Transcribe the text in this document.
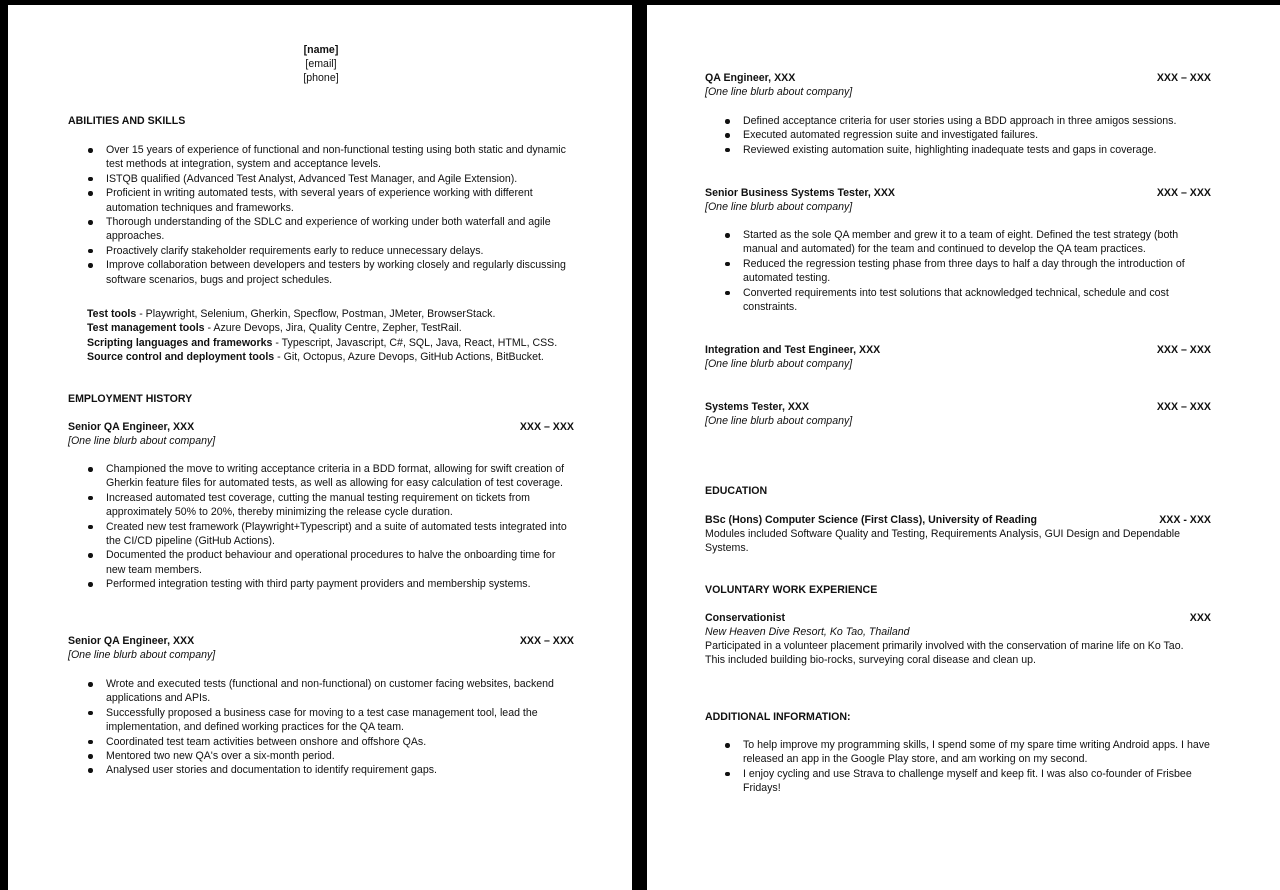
[name]
[email]
[phone]
ABILITIES AND SKILLS
Over 15 years of experience of functional and non-functional testing using both static and dynamic test methods at integration, system and acceptance levels.
ISTQB qualified (Advanced Test Analyst, Advanced Test Manager, and Agile Extension).
Proficient in writing automated tests, with several years of experience working with different automation techniques and frameworks.
Thorough understanding of the SDLC and experience of working under both waterfall and agile approaches.
Proactively clarify stakeholder requirements early to reduce unnecessary delays.
Improve collaboration between developers and testers by working closely and regularly discussing software scenarios, bugs and project schedules.
Test tools - Playwright, Selenium, Gherkin, Specflow, Postman, JMeter, BrowserStack.
Test management tools - Azure Devops, Jira, Quality Centre, Zepher, TestRail.
Scripting languages and frameworks - Typescript, Javascript, C#, SQL, Java, React, HTML, CSS.
Source control and deployment tools - Git, Octopus, Azure Devops, GitHub Actions, BitBucket.
EMPLOYMENT HISTORY
Senior QA Engineer, XXX	XXX – XXX
[One line blurb about company]
Championed the move to writing acceptance criteria in a BDD format, allowing for swift creation of Gherkin feature files for automated tests, as well as allowing for easy calculation of test coverage.
Increased automated test coverage, cutting the manual testing requirement on tickets from approximately 50% to 20%, thereby minimizing the release cycle duration.
Created new test framework (Playwright+Typescript) and a suite of automated tests integrated into the CI/CD pipeline (GitHub Actions).
Documented the product behaviour and operational procedures to halve the onboarding time for new team members.
Performed integration testing with third party payment providers and membership systems.
Senior QA Engineer, XXX	XXX – XXX
[One line blurb about company]
Wrote and executed tests (functional and non-functional) on customer facing websites, backend applications and APIs.
Successfully proposed a business case for moving to a test case management tool, lead the implementation, and defined working practices for the QA team.
Coordinated test team activities between onshore and offshore QAs.
Mentored two new QA's over a six-month period.
Analysed user stories and documentation to identify requirement gaps.
QA Engineer, XXX	XXX – XXX
[One line blurb about company]
Defined acceptance criteria for user stories using a BDD approach in three amigos sessions.
Executed automated regression suite and investigated failures.
Reviewed existing automation suite, highlighting inadequate tests and gaps in coverage.
Senior Business Systems Tester, XXX	XXX – XXX
[One line blurb about company]
Started as the sole QA member and grew it to a team of eight. Defined the test strategy (both manual and automated) for the team and continued to develop the QA team practices.
Reduced the regression testing phase from three days to half a day through the introduction of automated testing.
Converted requirements into test solutions that acknowledged technical, schedule and cost constraints.
Integration and Test Engineer, XXX	XXX – XXX
[One line blurb about company]
Systems Tester, XXX	XXX – XXX
[One line blurb about company]
EDUCATION
BSc (Hons) Computer Science (First Class), University of Reading	XXX - XXX
Modules included Software Quality and Testing, Requirements Analysis, GUI Design and Dependable Systems.
VOLUNTARY WORK EXPERIENCE
Conservationist	XXX
New Heaven Dive Resort, Ko Tao, Thailand
Participated in a volunteer placement primarily involved with the conservation of marine life on Ko Tao. This included building bio-rocks, surveying coral disease and clean up.
ADDITIONAL INFORMATION:
To help improve my programming skills, I spend some of my spare time writing Android apps. I have released an app in the Google Play store, and am working on my second.
I enjoy cycling and use Strava to challenge myself and keep fit. I was also co-founder of Frisbee Fridays!
